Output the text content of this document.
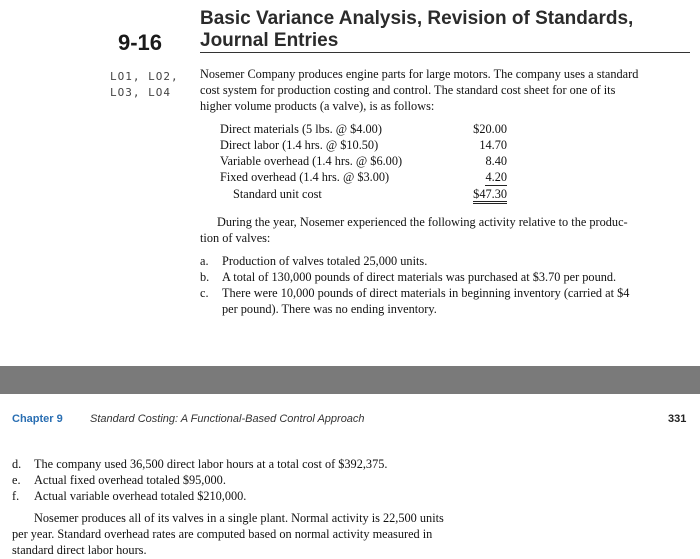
9-16
Basic Variance Analysis, Revision of Standards,
Journal Entries
LO1, LO2,
LO3, LO4
Nosemer Company produces engine parts for large motors. The company uses a standard
cost system for production costing and control. The standard cost sheet for one of its
higher volume products (a valve), is as follows:
Direct materials (5 lbs. @ $4.00)	$20.00
Direct labor (1.4 hrs. @ $10.50)	14.70
Variable overhead (1.4 hrs. @ $6.00)	8.40
Fixed overhead (1.4 hrs. @ $3.00)	4.20
Standard unit cost	$47.30
During the year, Nosemer experienced the following activity relative to the produc-
tion of valves:
a. Production of valves totaled 25,000 units.
b. A total of 130,000 pounds of direct materials was purchased at $3.70 per pound.
c. There were 10,000 pounds of direct materials in beginning inventory (carried at $4
per pound). There was no ending inventory.
Chapter 9 Standard Costing: A Functional-Based Control Approach	331
d. The company used 36,500 direct labor hours at a total cost of $392,375.
e. Actual fixed overhead totaled $95,000.
f. Actual variable overhead totaled $210,000.
Nosemer produces all of its valves in a single plant. Normal activity is 22,500 units
per year. Standard overhead rates are computed based on normal activity measured in
standard direct labor hours.
